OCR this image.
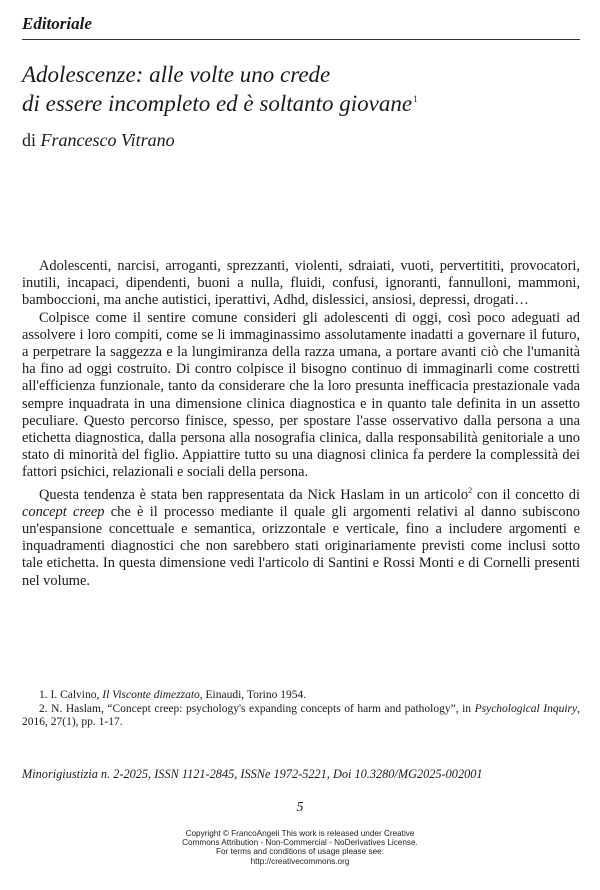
Editoriale
Adolescenze: alle volte uno crede
di essere incompleto ed è soltanto giovane$^1$
di Francesco Vitrano

Adolescenti, narcisi, arroganti, sprezzanti, violenti, sdraiati, vuoti, pervertititi, provocatori, inutili, incapaci, dipendenti, buoni a nulla, fluidi, confusi, ignoranti, fannulloni, mammoni, bamboccioni, ma anche autistici, iperattivi, Adhd, dislessici, ansiosi, depressi, drogati…

Colpisce come il sentire comune consideri gli adolescenti di oggi, così poco adeguati ad assolvere i loro compiti, come se li immaginassimo assolutamente inadatti a governare il futuro, a perpetrare la saggezza e la lungimiranza della razza umana, a portare avanti ciò che l'umanità ha fino ad oggi costruito. Di contro colpisce il bisogno continuo di immaginarli come costretti all'efficienza funzionale, tanto da considerare che la loro presunta inefficacia prestazionale vada sempre inquadrata in una dimensione clinica diagnostica e in quanto tale definita in un assetto peculiare. Questo percorso finisce, spesso, per spostare l'asse osservativo dalla persona a una etichetta diagnostica, dalla persona alla nosografia clinica, dalla responsabilità genitoriale a uno stato di minorità del figlio. Appiattire tutto su una diagnosi clinica fa perdere la complessità dei fattori psichici, relazionali e sociali della persona.

Questa tendenza è stata ben rappresentata da Nick Haslam in un articolo$^2$ con il concetto di concept creep che è il processo mediante il quale gli argomenti relativi al danno subiscono un'espansione concettuale e semantica, orizzontale e verticale, fino a includere argomenti e inquadramenti diagnostici che non sarebbero stati originariamente previsti come inclusi sotto tale etichetta. In questa dimensione vedi l'articolo di Santini e Rossi Monti e di Cornelli presenti nel volume.

1. I. Calvino, Il Visconte dimezzato, Einaudi, Torino 1954.

2. N. Haslam, “Concept creep: psychology's expanding concepts of harm and pathology”, in Psychological Inquiry, 2016, 27(1), pp. 1-17.

Minorigiustizia n. 2-2025, ISSN 1121-2845, ISSNe 1972-5221, Doi 10.3280/MG2025-002001
5
Copyright © FrancoAngeli This work is released under Creative
Commons Attribution - Non-Commercial - NoDerivatives License.
For terms and conditions of usage please see:
http://creativecommons.org
